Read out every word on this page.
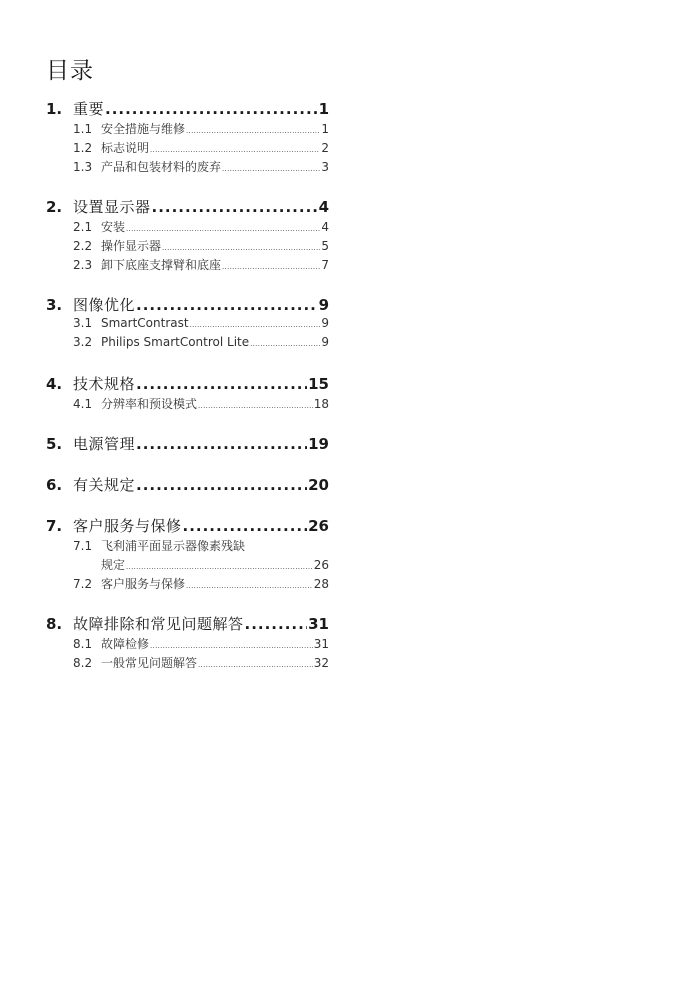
目录
1. 重要 .....	1
1.1 安全措施与维修 .....	1
1.2 标志说明 .....	2
1.3 产品和包装材料的废弃 .....	3
2. 设置显示器 .....	4
2.1 安装 .....	4
2.2 操作显示器 .....	5
2.3 卸下底座支撑臂和底座 .....	7
3. 图像优化 .....	9
3.1 SmartContrast .....	9
3.2 Philips SmartControl Lite .....	9
4. 技术规格 .....	15
4.1 分辨率和预设模式 .....	18
5. 电源管理 .....	19
6. 有关规定 .....	20
7. 客户服务与保修 .....	26
7.1 飞利浦平面显示器像素残缺
规定 .....	26
7.2 客户服务与保修 .....	28
8. 故障排除和常见问题解答 .....	31
8.1 故障检修 .....	31
8.2 一般常见问题解答 .....	32
